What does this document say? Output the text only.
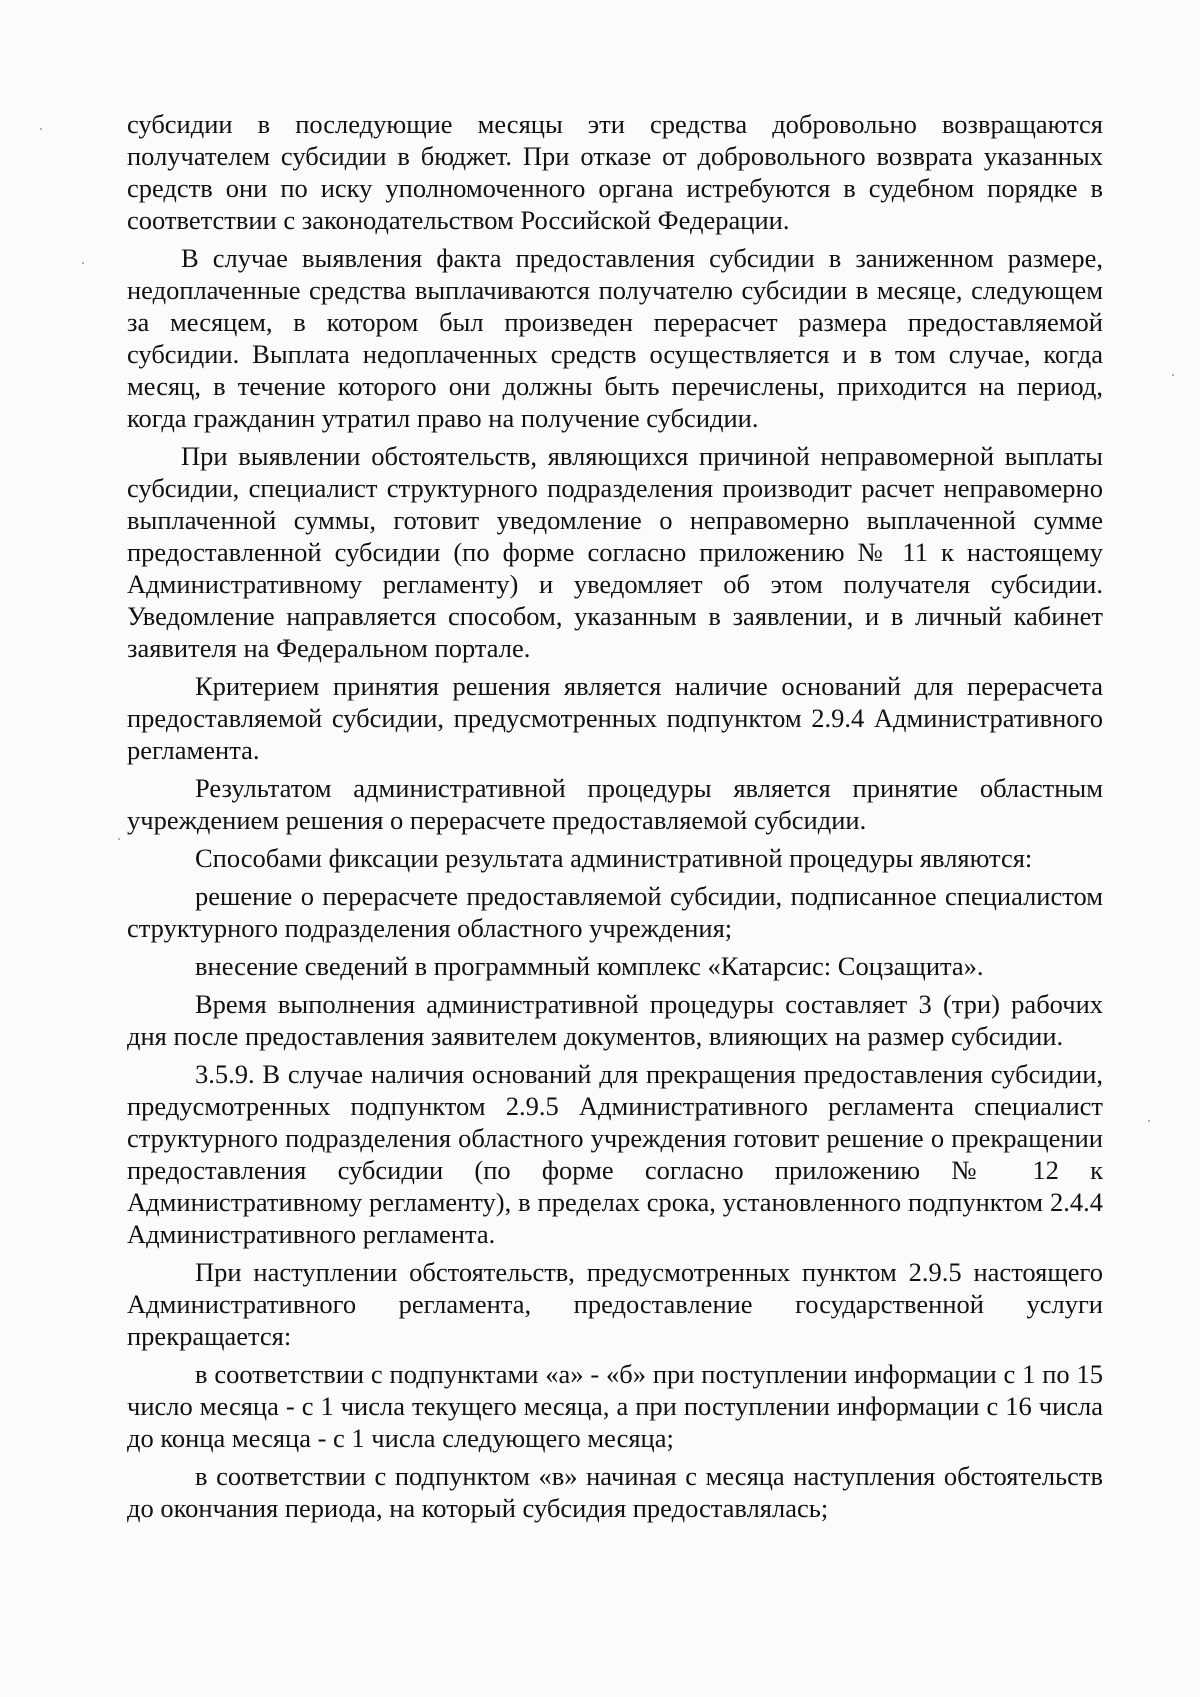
субсидии в последующие месяцы эти средства добровольно возвращаются получателем субсидии в бюджет. При отказе от добровольного возврата указанных средств они по иску уполномоченного органа истребуются в судебном порядке в соответствии с законодательством Российской Федерации.

В случае выявления факта предоставления субсидии в заниженном размере, недоплаченные средства выплачиваются получателю субсидии в месяце, следующем за месяцем, в котором был произведен перерасчет размера предоставляемой субсидии. Выплата недоплаченных средств осуществляется и в том случае, когда месяц, в течение которого они должны быть перечислены, приходится на период, когда гражданин утратил право на получение субсидии.

При выявлении обстоятельств, являющихся причиной неправомерной выплаты субсидии, специалист структурного подразделения производит расчет неправомерно выплаченной суммы, готовит уведомление о неправомерно выплаченной сумме предоставленной субсидии (по форме согласно приложению № 11 к настоящему Административному регламенту) и уведомляет об этом получателя субсидии. Уведомление направляется способом, указанным в заявлении, и в личный кабинет заявителя на Федеральном портале.

Критерием принятия решения является наличие оснований для перерасчета предоставляемой субсидии, предусмотренных подпунктом 2.9.4 Административного регламента.

Результатом административной процедуры является принятие областным учреждением решения о перерасчете предоставляемой субсидии.

Способами фиксации результата административной процедуры являются:

решение о перерасчете предоставляемой субсидии, подписанное специалистом структурного подразделения областного учреждения;

внесение сведений в программный комплекс «Катарсис: Соцзащита».

Время выполнения административной процедуры составляет 3 (три) рабочих дня после предоставления заявителем документов, влияющих на размер субсидии.

3.5.9. В случае наличия оснований для прекращения предоставления субсидии, предусмотренных подпунктом 2.9.5 Административного регламента специалист структурного подразделения областного учреждения готовит решение о прекращении предоставления субсидии (по форме согласно приложению № 12 к Административному регламенту), в пределах срока, установленного подпунктом 2.4.4 Административного регламента.

При наступлении обстоятельств, предусмотренных пунктом 2.9.5 настоящего Административного регламента, предоставление государственной услуги прекращается:

в соответствии с подпунктами «а» - «б» при поступлении информации с 1 по 15 число месяца - с 1 числа текущего месяца, а при поступлении информации с 16 числа до конца месяца - с 1 числа следующего месяца;

в соответствии с подпунктом «в» начиная с месяца наступления обстоятельств до окончания периода, на который субсидия предоставлялась;
